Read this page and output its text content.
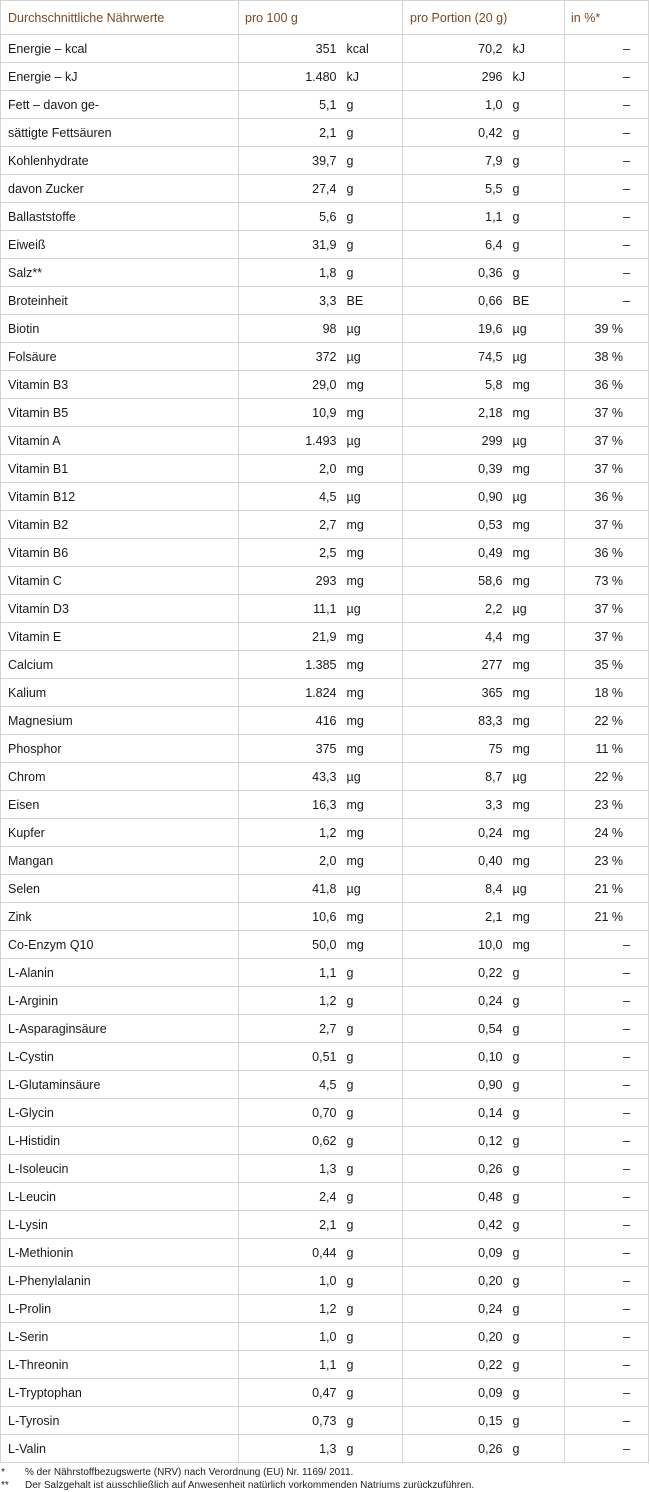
Durchschnittliche Nährwerte	pro 100 g		pro Portion (20 g)		in %*
Energie – kcal	351	kcal	70,2	kJ	–
Energie – kJ	1.480	kJ	296	kJ	–
Fett – davon ge-	5,1	g	1,0	g	–
sättigte Fettsäuren	2,1	g	0,42	g	–
Kohlenhydrate	39,7	g	7,9	g	–
davon Zucker	27,4	g	5,5	g	–
Ballaststoffe	5,6	g	1,1	g	–
Eiweiß	31,9	g	6,4	g	–
Salz**	1,8	g	0,36	g	–
Broteinheit	3,3	BE	0,66	BE	–
Biotin	98	µg	19,6	µg	39 %
Folsäure	372	µg	74,5	µg	38 %
Vitamin B3	29,0	mg	5,8	mg	36 %
Vitamin B5	10,9	mg	2,18	mg	37 %
Vitamin A	1.493	µg	299	µg	37 %
Vitamin B1	2,0	mg	0,39	mg	37 %
Vitamin B12	4,5	µg	0,90	µg	36 %
Vitamin B2	2,7	mg	0,53	mg	37 %
Vitamin B6	2,5	mg	0,49	mg	36 %
Vitamin C	293	mg	58,6	mg	73 %
Vitamin D3	11,1	µg	2,2	µg	37 %
Vitamin E	21,9	mg	4,4	mg	37 %
Calcium	1.385	mg	277	mg	35 %
Kalium	1.824	mg	365	mg	18 %
Magnesium	416	mg	83,3	mg	22 %
Phosphor	375	mg	75	mg	11 %
Chrom	43,3	µg	8,7	µg	22 %
Eisen	16,3	mg	3,3	mg	23 %
Kupfer	1,2	mg	0,24	mg	24 %
Mangan	2,0	mg	0,40	mg	23 %
Selen	41,8	µg	8,4	µg	21 %
Zink	10,6	mg	2,1	mg	21 %
Co-Enzym Q10	50,0	mg	10,0	mg	–
L-Alanin	1,1	g	0,22	g	–
L-Arginin	1,2	g	0,24	g	–
L-Asparaginsäure	2,7	g	0,54	g	–
L-Cystin	0,51	g	0,10	g	–
L-Glutaminsäure	4,5	g	0,90	g	–
L-Glycin	0,70	g	0,14	g	–
L-Histidin	0,62	g	0,12	g	–
L-Isoleucin	1,3	g	0,26	g	–
L-Leucin	2,4	g	0,48	g	–
L-Lysin	2,1	g	0,42	g	–
L-Methionin	0,44	g	0,09	g	–
L-Phenylalanin	1,0	g	0,20	g	–
L-Prolin	1,2	g	0,24	g	–
L-Serin	1,0	g	0,20	g	–
L-Threonin	1,1	g	0,22	g	–
L-Tryptophan	0,47	g	0,09	g	–
L-Tyrosin	0,73	g	0,15	g	–
L-Valin	1,3	g	0,26	g	–
*	% der Nährstoffbezugswerte (NRV) nach Verordnung (EU) Nr. 1169/ 2011.
**	Der Salzgehalt ist ausschließlich auf Anwesenheit natürlich vorkommenden Natriums zurückzuführen.
